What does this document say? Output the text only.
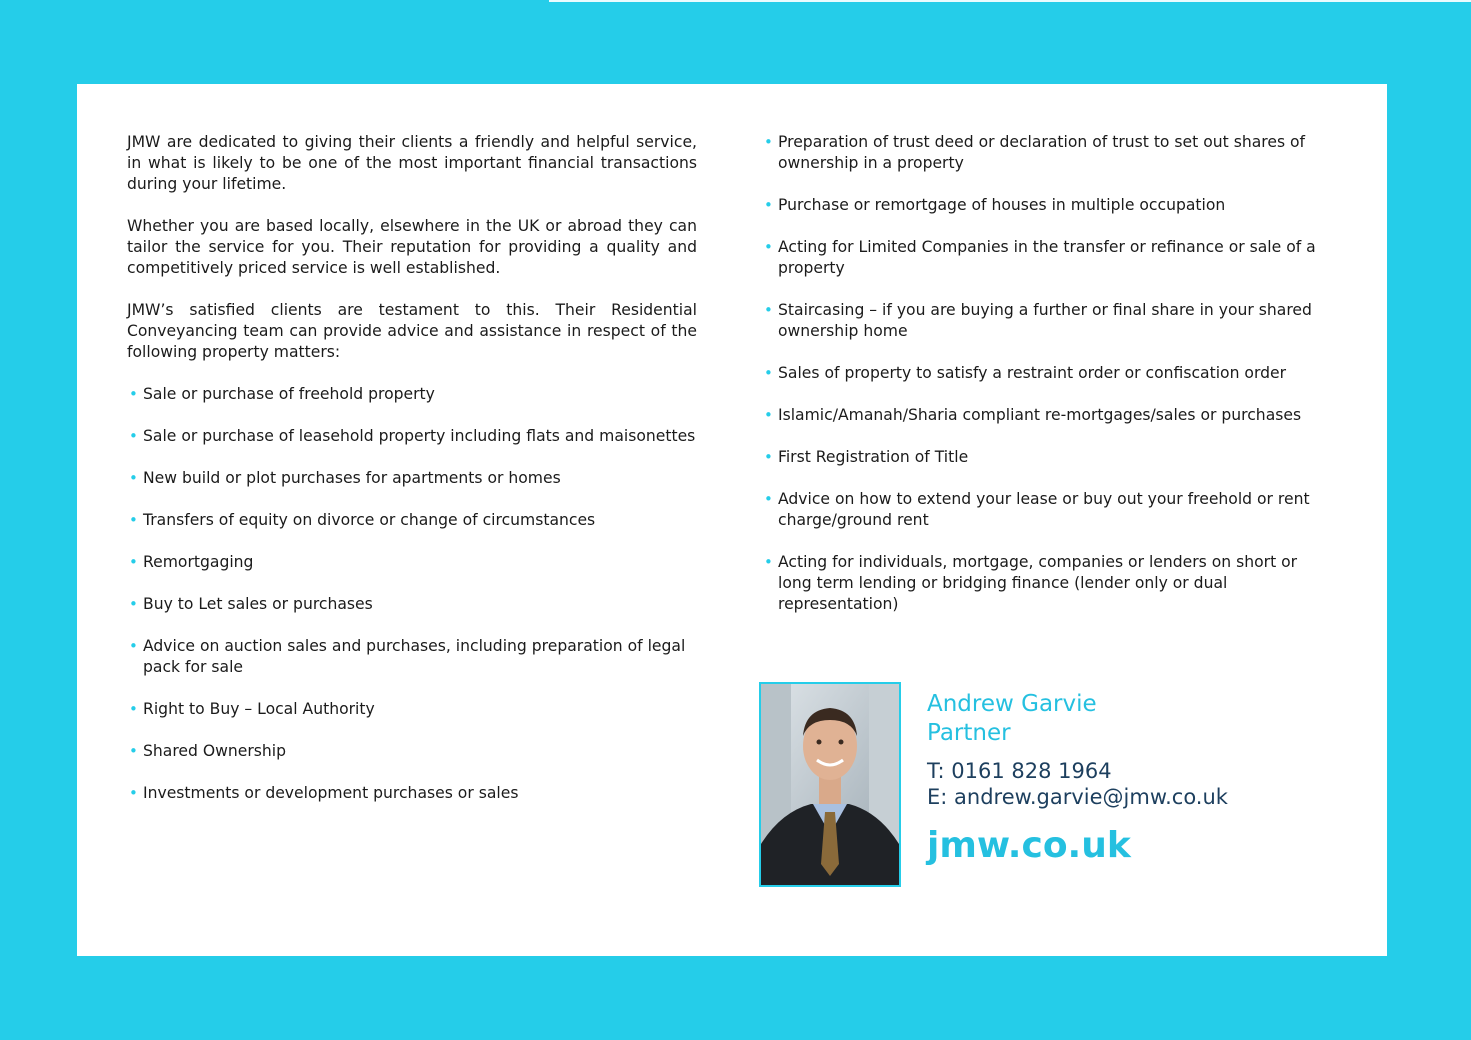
JMW are dedicated to giving their clients a friendly and helpful service, in what is likely to be one of the most important financial transactions during your lifetime.

Whether you are based locally, elsewhere in the UK or abroad they can tailor the service for you. Their reputation for providing a quality and competitively priced service is well established.

JMW’s satisfied clients are testament to this. Their Residential Conveyancing team can provide advice and assistance in respect of the following property matters:

• Sale or purchase of freehold property
• Sale or purchase of leasehold property including flats and maisonettes
• New build or plot purchases for apartments or homes
• Transfers of equity on divorce or change of circumstances
• Remortgaging
• Buy to Let sales or purchases
• Advice on auction sales and purchases, including preparation of legal pack for sale
• Right to Buy – Local Authority
• Shared Ownership
• Investments or development purchases or sales
• Preparation of trust deed or declaration of trust to set out shares of ownership in a property
• Purchase or remortgage of houses in multiple occupation
• Acting for Limited Companies in the transfer or refinance or sale of a property
• Staircasing – if you are buying a further or final share in your shared ownership home
• Sales of property to satisfy a restraint order or confiscation order
• Islamic/Amanah/Sharia compliant re-mortgages/sales or purchases
• First Registration of Title
• Advice on how to extend your lease or buy out your freehold or rent charge/ground rent
• Acting for individuals, mortgage, companies or lenders on short or long term lending or bridging finance (lender only or dual representation)
Andrew Garvie
Partner
T: 0161 828 1964
E: andrew.garvie@jmw.co.uk
jmw.co.uk
